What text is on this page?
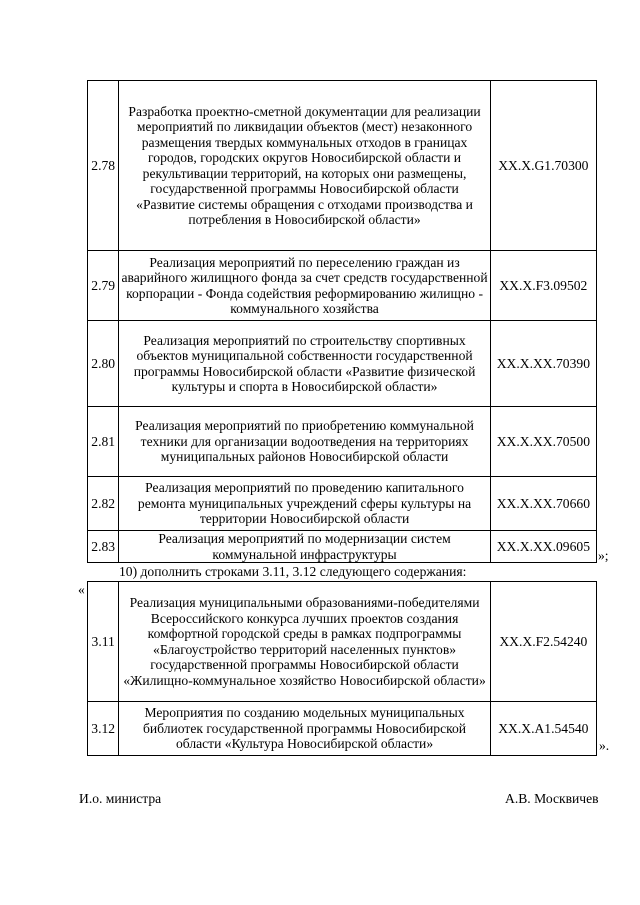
2.78	Разработка проектно-сметной документации для реализации мероприятий по ликвидации объектов (мест) незаконного размещения твердых коммунальных отходов в границах городов, городских округов Новосибирской области и рекультивации территорий, на которых они размещены, государственной программы Новосибирской области «Развитие системы обращения с отходами производства и потребления в Новосибирской области»	XX.X.G1.70300
2.79	Реализация мероприятий по переселению граждан из аварийного жилищного фонда за счет средств государственной корпорации - Фонда содействия реформированию жилищно - коммунального хозяйства	XX.X.F3.09502
2.80	Реализация мероприятий по строительству спортивных объектов муниципальной собственности государственной программы Новосибирской области «Развитие физической культуры и спорта в Новосибирской области»	XX.X.XX.70390
2.81	Реализация мероприятий по приобретению коммунальной техники для организации водоотведения на территориях муниципальных районов Новосибирской области	XX.X.XX.70500
2.82	Реализация мероприятий по проведению капитального ремонта муниципальных учреждений сферы культуры на территории Новосибирской области	XX.X.XX.70660
2.83	Реализация мероприятий по модернизации систем коммунальной инфраструктуры	XX.X.XX.09605
»;
10) дополнить строками 3.11, 3.12 следующего содержания:
«
3.11	Реализация муниципальными образованиями-победителями Всероссийского конкурса лучших проектов создания комфортной городской среды в рамках подпрограммы «Благоустройство территорий населенных пунктов» государственной программы Новосибирской области «Жилищно-коммунальное хозяйство Новосибирской области»	XX.X.F2.54240
3.12	Мероприятия по созданию модельных муниципальных библиотек государственной программы Новосибирской области «Культура Новосибирской области»	XX.X.A1.54540
».
И.о. министра	А.В. Москвичев
